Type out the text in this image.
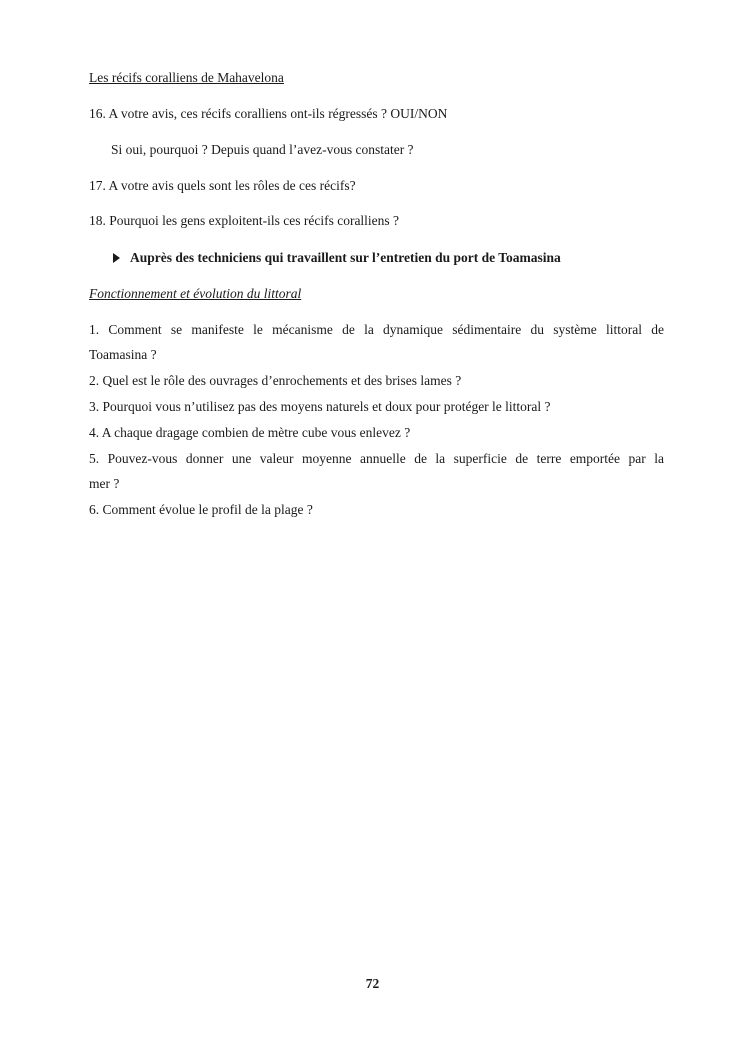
Les récifs coralliens de Mahavelona
16. A votre avis, ces récifs coralliens ont-ils régressés ? OUI/NON
Si oui, pourquoi ? Depuis quand l’avez-vous constater ?
17. A votre avis quels sont les rôles de ces récifs?
18. Pourquoi les gens exploitent-ils ces récifs coralliens ?
Auprès des techniciens qui travaillent sur l’entretien du port de Toamasina
Fonctionnement et évolution du littoral
1. Comment se manifeste le mécanisme de la dynamique sédimentaire du système littoral de
Toamasina ?
2. Quel est le rôle des ouvrages d’enrochements et des brises lames ?
3. Pourquoi vous n’utilisez pas des moyens naturels et doux pour protéger le littoral ?
4. A chaque dragage combien de mètre cube vous enlevez ?
5. Pouvez-vous donner une valeur moyenne annuelle de la superficie de terre emportée par la
mer ?
6. Comment évolue le profil de la plage ?
72
